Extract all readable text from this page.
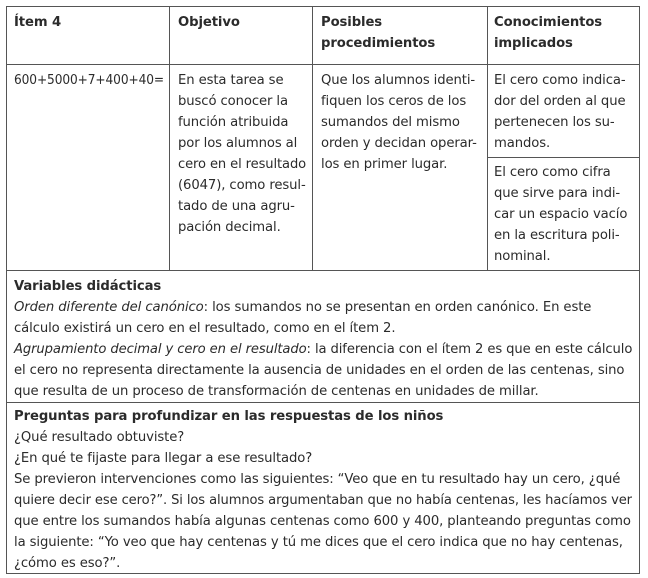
Ítem 4	Objetivo	Posibles
procedimientos
Conocimientos
implicados
600+5000+7+400+40= En esta tarea se
buscó conocer la
función atribuida
por los alumnos al
cero en el resultado
(6047), como resul-
tado de una agru-
pación decimal.
Que los alumnos identi-
fiquen los ceros de los
sumandos del mismo
orden y decidan operar-
los en primer lugar.
El cero como indica-
dor del orden al que
pertenecen los su-
mandos.
El cero como cifra
que sirve para indi-
car un espacio vacío
en la escritura poli-
nominal.
Variables didácticas
Orden diferente del canónico: los sumandos no se presentan en orden canónico. En este
cálculo existirá un cero en el resultado, como en el ítem 2.
Agrupamiento decimal y cero en el resultado: la diferencia con el ítem 2 es que en este cálculo
el cero no representa directamente la ausencia de unidades en el orden de las centenas, sino
que resulta de un proceso de transformación de centenas en unidades de millar.
Preguntas para profundizar en las respuestas de los niños
¿Qué resultado obtuviste?
¿En qué te fijaste para llegar a ese resultado?
Se previeron intervenciones como las siguientes: “Veo que en tu resultado hay un cero, ¿qué
quiere decir ese cero?”. Si los alumnos argumentaban que no había centenas, les hacíamos ver
que entre los sumandos había algunas centenas como 600 y 400, planteando preguntas como
la siguiente: “Yo veo que hay centenas y tú me dices que el cero indica que no hay centenas,
¿cómo es eso?”.
